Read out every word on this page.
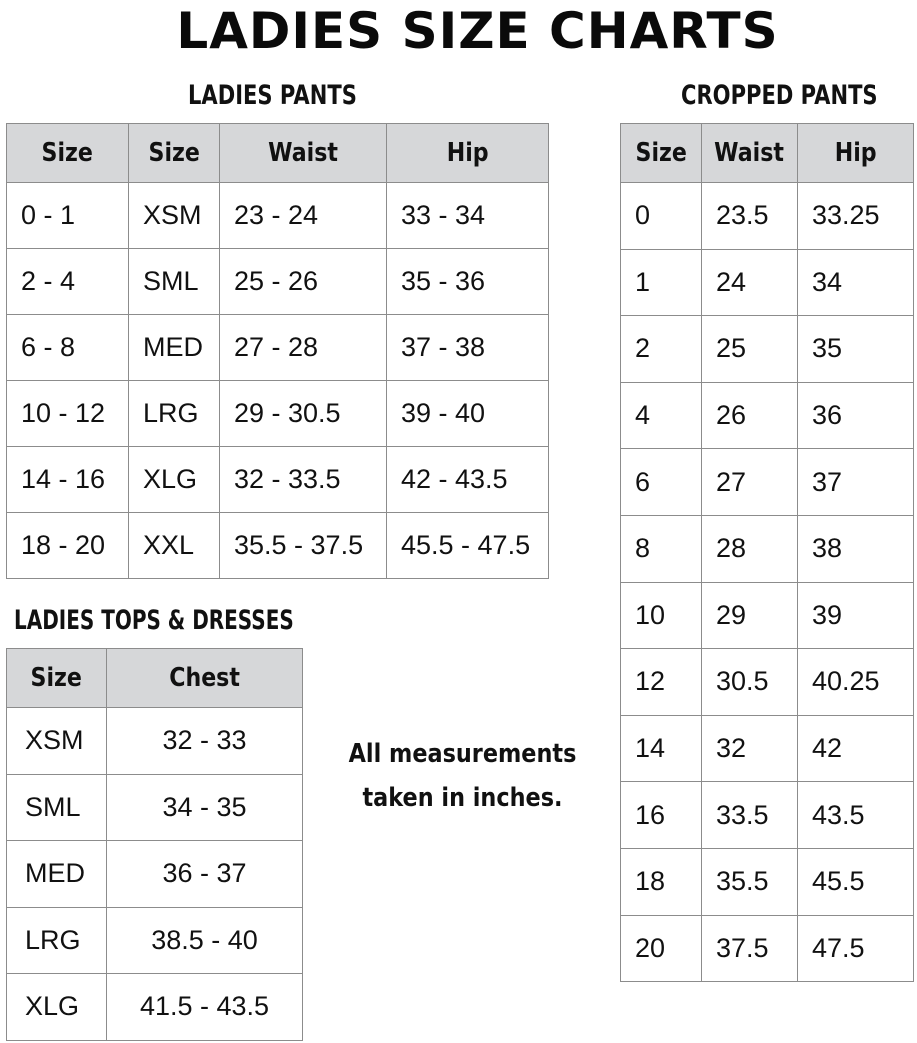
LADIES SIZE CHARTS
LADIES PANTS
Size	Size	Waist	Hip
0 - 1	XSM	23 - 24	33 - 34
2 - 4	SML	25 - 26	35 - 36
6 - 8	MED	27 - 28	37 - 38
10 - 12	LRG	29 - 30.5	39 - 40
14 - 16	XLG	32 - 33.5	42 - 43.5
18 - 20	XXL	35.5 - 37.5	45.5 - 47.5
CROPPED PANTS
Size	Waist	Hip
0	23.5	33.25
1	24	34
2	25	35
4	26	36
6	27	37
8	28	38
10	29	39
12	30.5	40.25
14	32	42
16	33.5	43.5
18	35.5	45.5
20	37.5	47.5
LADIES TOPS & DRESSES
Size	Chest
XSM	32 - 33
SML	34 - 35
MED	36 - 37
LRG	38.5 - 40
XLG	41.5 - 43.5
All measurements
taken in inches.
